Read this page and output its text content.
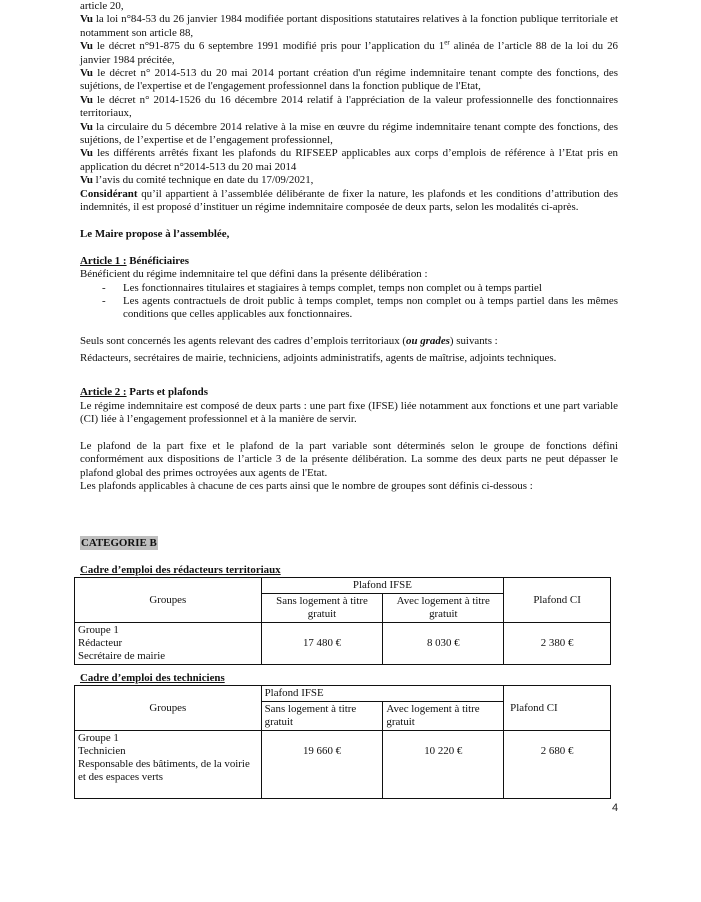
article 20,

Vu la loi n°84-53 du 26 janvier 1984 modifiée portant dispositions statutaires relatives à la fonction publique territoriale et notamment son article 88,

Vu le décret n°91-875 du 6 septembre 1991 modifié pris pour l’application du 1er alinéa de l’article 88 de la loi du 26 janvier 1984 précitée,

Vu le décret n° 2014-513 du 20 mai 2014 portant création d'un régime indemnitaire tenant compte des fonctions, des sujétions, de l'expertise et de l'engagement professionnel dans la fonction publique de l'Etat,

Vu le décret n° 2014-1526 du 16 décembre 2014 relatif à l'appréciation de la valeur professionnelle des fonctionnaires territoriaux,

Vu la circulaire du 5 décembre 2014 relative à la mise en œuvre du régime indemnitaire tenant compte des fonctions, des sujétions, de l’expertise et de l’engagement professionnel,

Vu les différents arrêtés fixant les plafonds du RIFSEEP applicables aux corps d’emplois de référence à l’Etat pris en application du décret n°2014-513 du 20 mai 2014

Vu l’avis du comité technique en date du 17/09/2021,

Considérant qu’il appartient à l’assemblée délibérante de fixer la nature, les plafonds et les conditions d’attribution des indemnités, il est proposé d’instituer un régime indemnitaire composée de deux parts, selon les modalités ci-après.

Le Maire propose à l’assemblée,

Article 1 : Bénéficiaires

Bénéficient du régime indemnitaire tel que défini dans la présente délibération :

- Les fonctionnaires titulaires et stagiaires à temps complet, temps non complet ou à temps partiel
- Les agents contractuels de droit public à temps complet, temps non complet ou à temps partiel dans les mêmes conditions que celles applicables aux fonctionnaires.

Seuls sont concernés les agents relevant des cadres d’emplois territoriaux (ou grades) suivants :

Rédacteurs, secrétaires de mairie, techniciens, adjoints administratifs, agents de maîtrise, adjoints techniques.

Article 2 : Parts et plafonds

Le régime indemnitaire est composé de deux parts : une part fixe (IFSE) liée notamment aux fonctions et une part variable (CI) liée à l’engagement professionnel et à la manière de servir.

Le plafond de la part fixe et le plafond de la part variable sont déterminés selon le groupe de fonctions défini conformément aux dispositions de l’article 3 de la présente délibération. La somme des deux parts ne peut dépasser le plafond global des primes octroyées aux agents de l'Etat.

Les plafonds applicables à chacune de ces parts ainsi que le nombre de groupes sont définis ci-dessous :

CATEGORIE B
Cadre d’emploi des rédacteurs territoriaux
Groupes	Plafond IFSE		Plafond CI
	Sans logement à titre gratuit	Avec logement à titre gratuit	

Groupe 1
Rédacteur
Secrétaire de mairie	17 480 €	8 030 €	2 380 €
Cadre d’emploi des techniciens
Groupes	Plafond IFSE		Plafond CI
	Sans logement à titre gratuit	Avec logement à titre gratuit	

Groupe 1
Technicien
Responsable des bâtiments, de la voirie et des espaces verts	19 660 €	10 220 €	2 680 €
4
